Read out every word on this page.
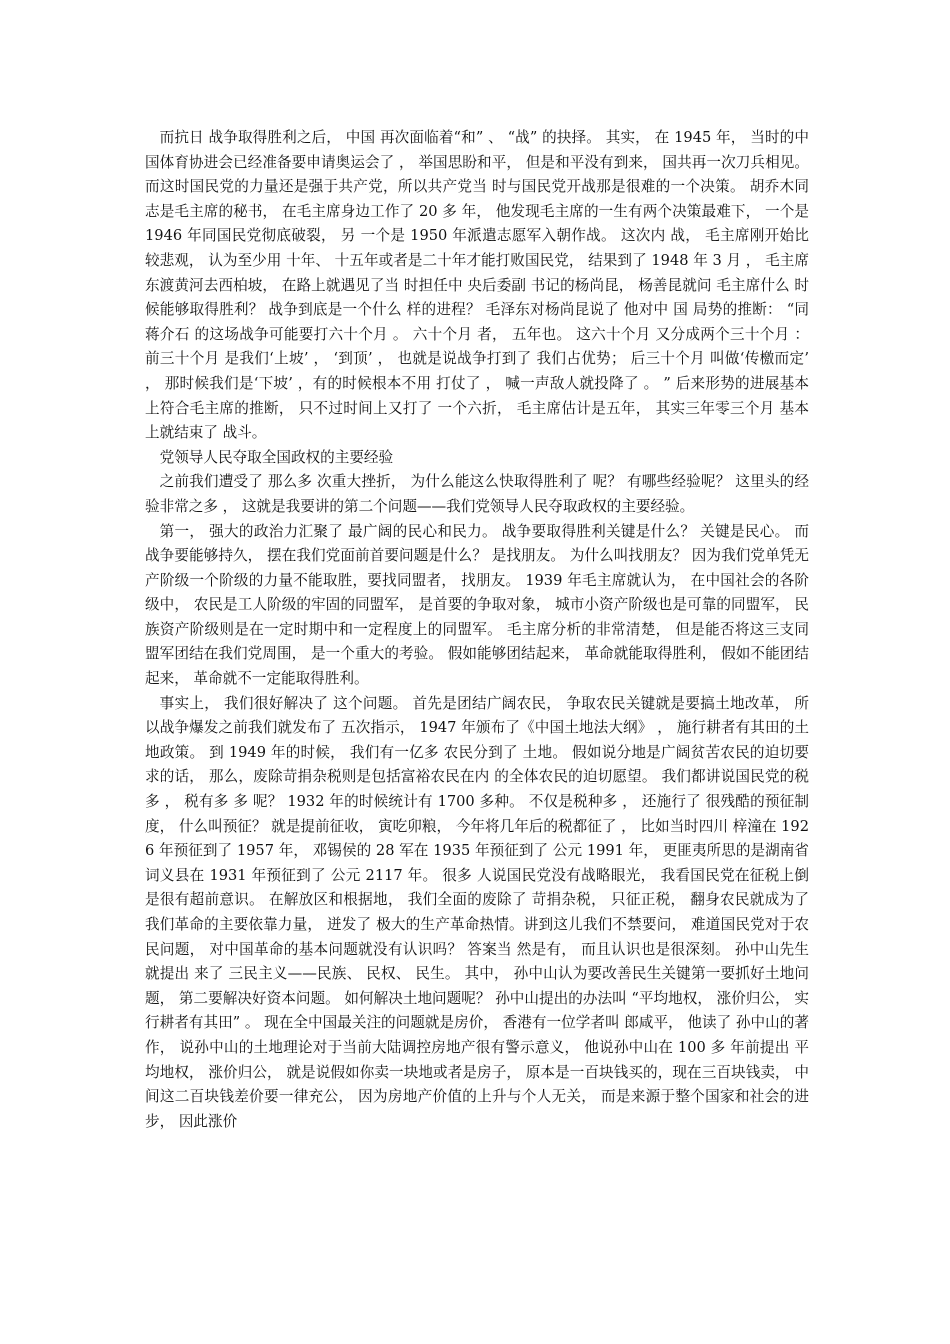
而抗日 战争取得胜利之后， 中国 再次面临着“和” 、 “战” 的抉择。 其实， 在 1945 年， 当时的中国体育协进会已经准备要申请奥运会了 ， 举国思盼和平， 但是和平没有到来， 国共再一次刀兵相见。 而这时国民党的力量还是强于共产党，所以共产党当 时与国民党开战那是很难的一个决策。 胡乔木同 志是毛主席的秘书， 在毛主席身边工作了 20 多 年， 他发现毛主席的一生有两个决策最难下， 一个是 1946 年同国民党彻底破裂， 另 一个是 1950 年派遣志愿军入朝作战。 这次内 战， 毛主席刚开始比较悲观， 认为至少用 十年、 十五年或者是二十年才能打败国民党， 结果到了 1948 年 3 月 ， 毛主席东渡黄河去西柏坡， 在路上就遇见了当 时担任中 央后委副 书记的杨尚昆， 杨善昆就问 毛主席什么 时候能够取得胜利？ 战争到底是一个什么 样的进程？ 毛泽东对杨尚昆说了 他对中 国 局势的推断： “同 蒋介石 的这场战争可能要打六十个月 。 六十个月 者， 五年也。 这六十个月 又分成两个三十个月 ： 前三十个月 是我们‘上坡’ ， ‘到顶’ ， 也就是说战争打到了 我们占优势； 后三十个月 叫做‘传檄而定’ ， 那时候我们是‘下坡’ ，有的时候根本不用 打仗了 ， 喊一声敌人就投降了 。 ” 后来形势的进展基本上符合毛主席的推断， 只不过时间上又打了 一个六折， 毛主席估计是五年， 其实三年零三个月 基本上就结束了 战斗。

党领导人民夺取全国政权的主要经验

之前我们遭受了 那么多 次重大挫折， 为什么能这么快取得胜利了 呢？ 有哪些经验呢？ 这里头的经验非常之多 ， 这就是我要讲的第二个问题——我们党领导人民夺取政权的主要经验。

第一， 强大的政治力汇聚了 最广阔的民心和民力。 战争要取得胜利关键是什么？ 关键是民心。 而战争要能够持久， 摆在我们党面前首要问题是什么？ 是找朋友。 为什么叫找朋友？ 因为我们党单凭无产阶级一个阶级的力量不能取胜，要找同盟者， 找朋友。 1939 年毛主席就认为， 在中国社会的各阶级中， 农民是工人阶级的牢固的同盟军， 是首要的争取对象， 城市小资产阶级也是可靠的同盟军， 民族资产阶级则是在一定时期中和一定程度上的同盟军。 毛主席分析的非常清楚， 但是能否将这三支同盟军团结在我们党周围， 是一个重大的考验。 假如能够团结起来， 革命就能取得胜利， 假如不能团结起来， 革命就不一定能取得胜利。

事实上， 我们很好解决了 这个问题。 首先是团结广阔农民， 争取农民关键就是要搞土地改革， 所以战争爆发之前我们就发布了 五次指示， 1947 年颁布了《中国土地法大纲》 ， 施行耕者有其田的土地政策。 到 1949 年的时候， 我们有一亿多 农民分到了 土地。 假如说分地是广阔贫苦农民的迫切要求的话， 那么，废除苛捐杂税则是包括富裕农民在内 的全体农民的迫切愿望。 我们都讲说国民党的税多 ， 税有多 多 呢？ 1932 年的时候统计有 1700 多种。 不仅是税种多 ， 还施行了 很残酷的预征制度， 什么叫预征？ 就是提前征收， 寅吃卯粮， 今年将几年后的税都征了 ， 比如当时四川 梓潼在 1926 年预征到了 1957 年， 邓锡侯的 28 军在 1935 年预征到了 公元 1991 年， 更匪夷所思的是湖南省词义县在 1931 年预征到了 公元 2117 年。 很多 人说国民党没有战略眼光， 我看国民党在征税上倒是很有超前意识。 在解放区和根据地， 我们全面的废除了 苛捐杂税， 只征正税， 翻身农民就成为了 我们革命的主要依靠力量， 迸发了 极大的生产革命热情。讲到这儿我们不禁要问， 难道国民党对于农民问题， 对中国革命的基本问题就没有认识吗？ 答案当 然是有， 而且认识也是很深刻。 孙中山先生就提出 来了 三民主义——民族、 民权、 民生。 其中， 孙中山认为要改善民生关键第一要抓好土地问题， 第二要解决好资本问题。 如何解决土地问题呢？ 孙中山提出的办法叫 “平均地权， 涨价归公， 实行耕者有其田” 。 现在全中国最关注的问题就是房价， 香港有一位学者叫 郎咸平， 他读了 孙中山的著作， 说孙中山的土地理论对于当前大陆调控房地产很有警示意义， 他说孙中山在 100 多 年前提出 平均地权， 涨价归公， 就是说假如你卖一块地或者是房子， 原本是一百块钱买的，现在三百块钱卖， 中间这二百块钱差价要一律充公， 因为房地产价值的上升与个人无关， 而是来源于整个国家和社会的进步， 因此涨价
